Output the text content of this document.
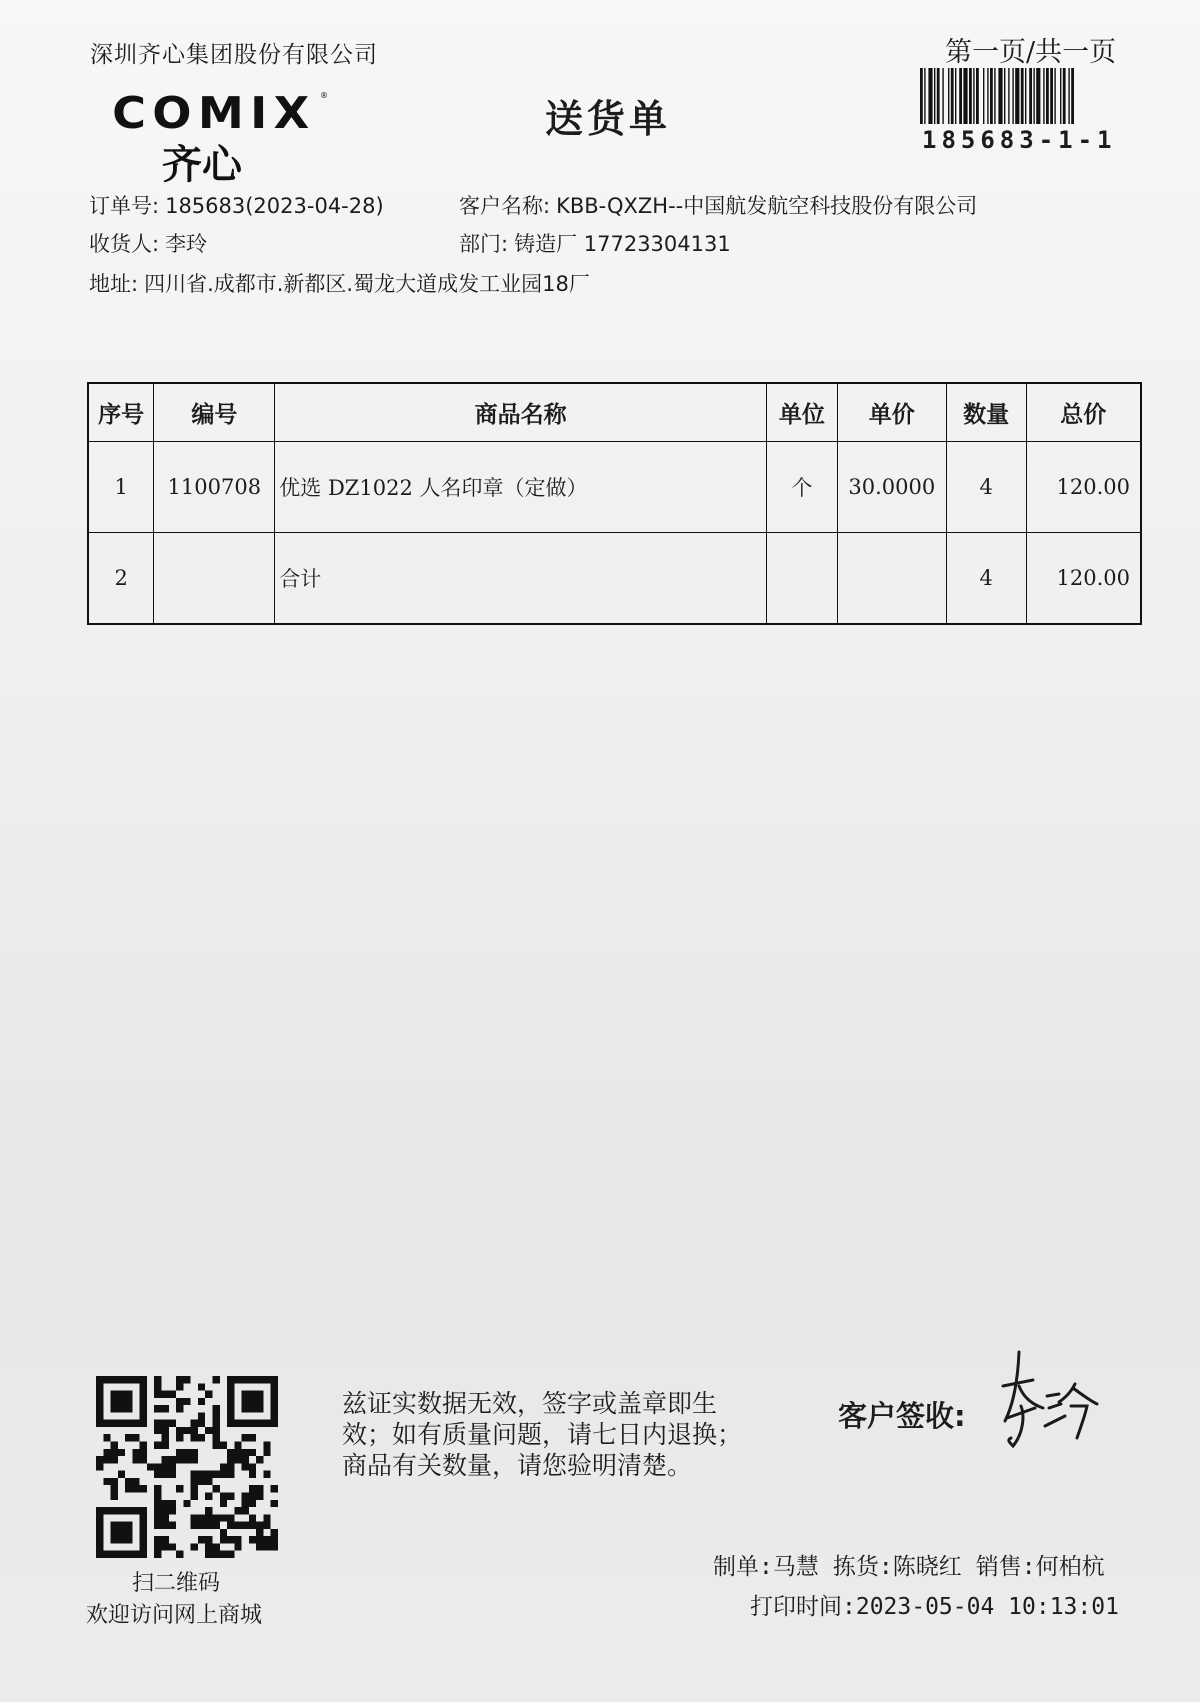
深圳齐心集团股份有限公司	第一页/共一页
185683-1-1
COMIX ®
齐心
送货单
订单号: 185683(2023-04-28)	客户名称: KBB-QXZH--中国航发航空科技股份有限公司
收货人: 李玲	部门: 铸造厂 17723304131
地址: 四川省.成都市.新都区.蜀龙大道成发工业园18厂
序号	编号	商品名称	单位	单价	数量	总价
1	1100708	优选 DZ1022 人名印章（定做）	个	30.0000	4	120.00
2		合计			4	120.00
扫二维码
欢迎访问网上商城
兹证实数据无效，签字或盖章即生效；如有质量问题，请七日内退换；商品有关数量，请您验明清楚。
客户签收:
制单:马慧 拣货:陈晓红 销售:何柏杭
打印时间:2023-05-04 10:13:01
